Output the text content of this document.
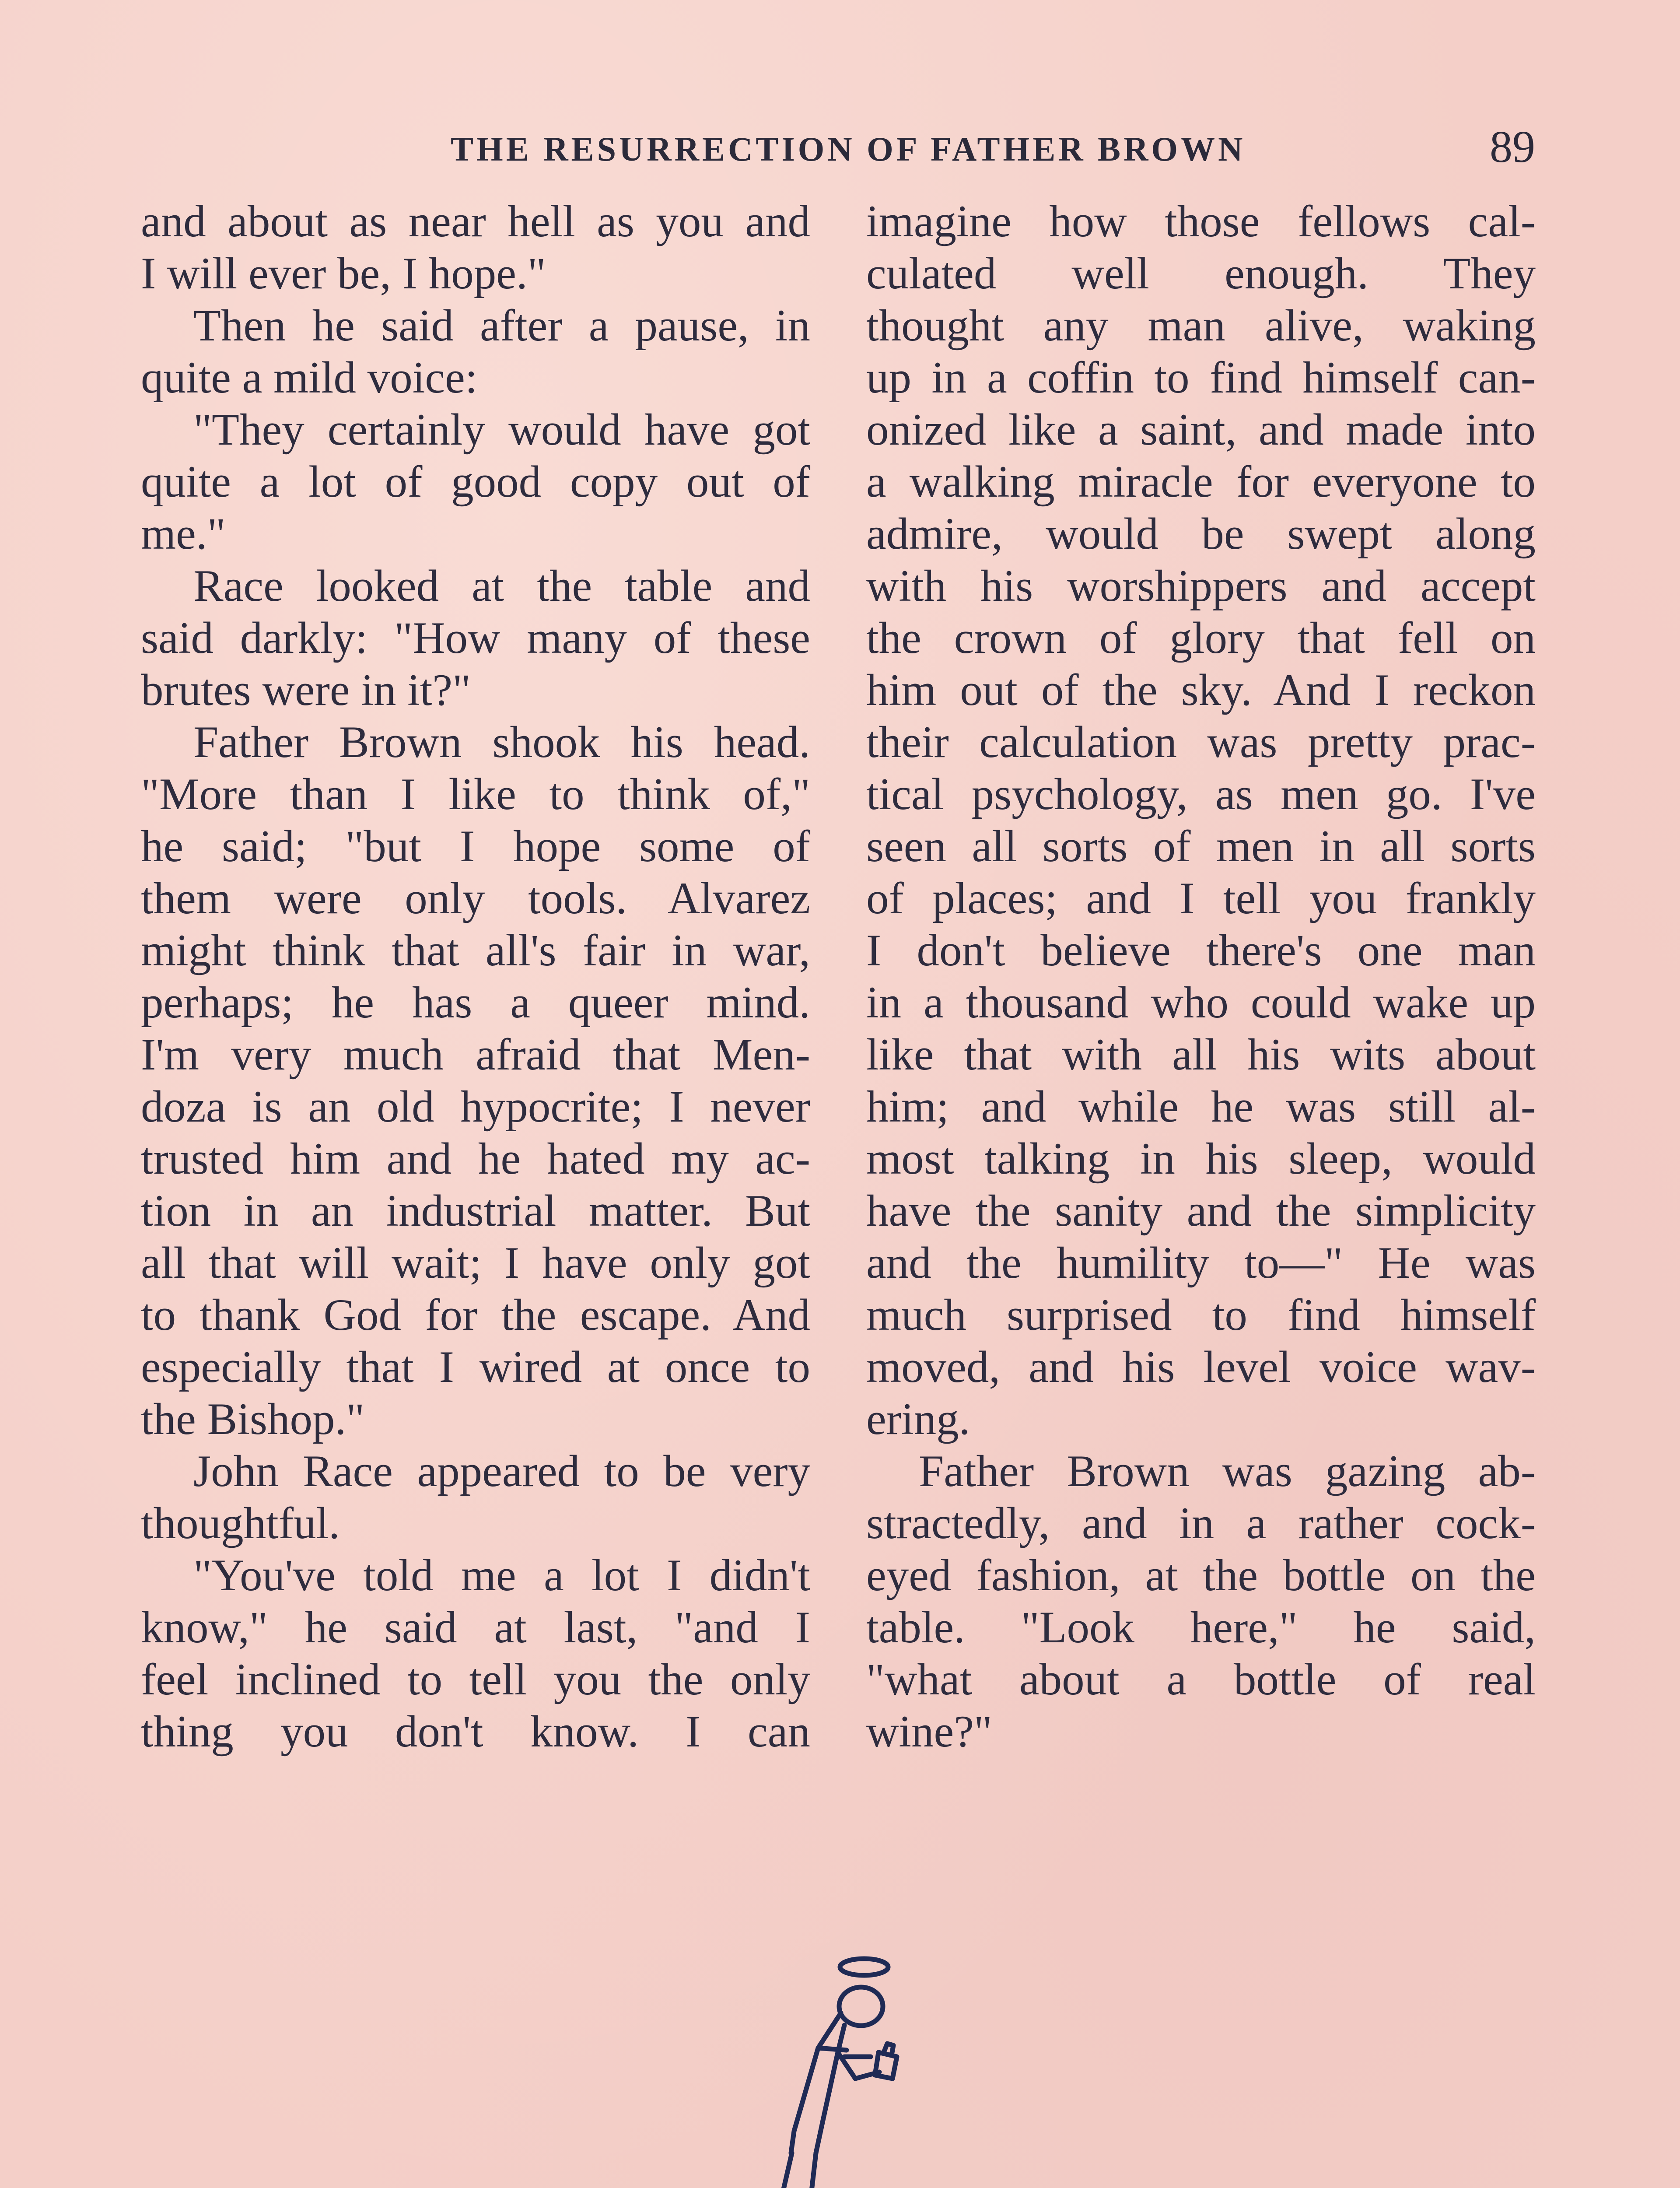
THE RESURRECTION OF FATHER BROWN	89
and about as near hell as you and
I will ever be, I hope."
Then he said after a pause, in
quite a mild voice:
"They certainly would have got
quite a lot of good copy out of
me."
Race looked at the table and
said darkly: "How many of these
brutes were in it?"
Father Brown shook his head.
"More than I like to think of,"
he said; "but I hope some of
them were only tools. Alvarez
might think that all's fair in war,
perhaps; he has a queer mind.
I'm very much afraid that Men-
doza is an old hypocrite; I never
trusted him and he hated my ac-
tion in an industrial matter. But
all that will wait; I have only got
to thank God for the escape. And
especially that I wired at once to
the Bishop."
John Race appeared to be very
thoughtful.
"You've told me a lot I didn't
know," he said at last, "and I
feel inclined to tell you the only
thing you don't know. I can
imagine how those fellows cal-
culated well enough. They
thought any man alive, waking
up in a coffin to find himself can-
onized like a saint, and made into
a walking miracle for everyone to
admire, would be swept along
with his worshippers and accept
the crown of glory that fell on
him out of the sky. And I reckon
their calculation was pretty prac-
tical psychology, as men go. I've
seen all sorts of men in all sorts
of places; and I tell you frankly
I don't believe there's one man
in a thousand who could wake up
like that with all his wits about
him; and while he was still al-
most talking in his sleep, would
have the sanity and the simplicity
and the humility to—" He was
much surprised to find himself
moved, and his level voice wav-
ering.
Father Brown was gazing ab-
stractedly, and in a rather cock-
eyed fashion, at the bottle on the
table. "Look here," he said,
"what about a bottle of real
wine?"
